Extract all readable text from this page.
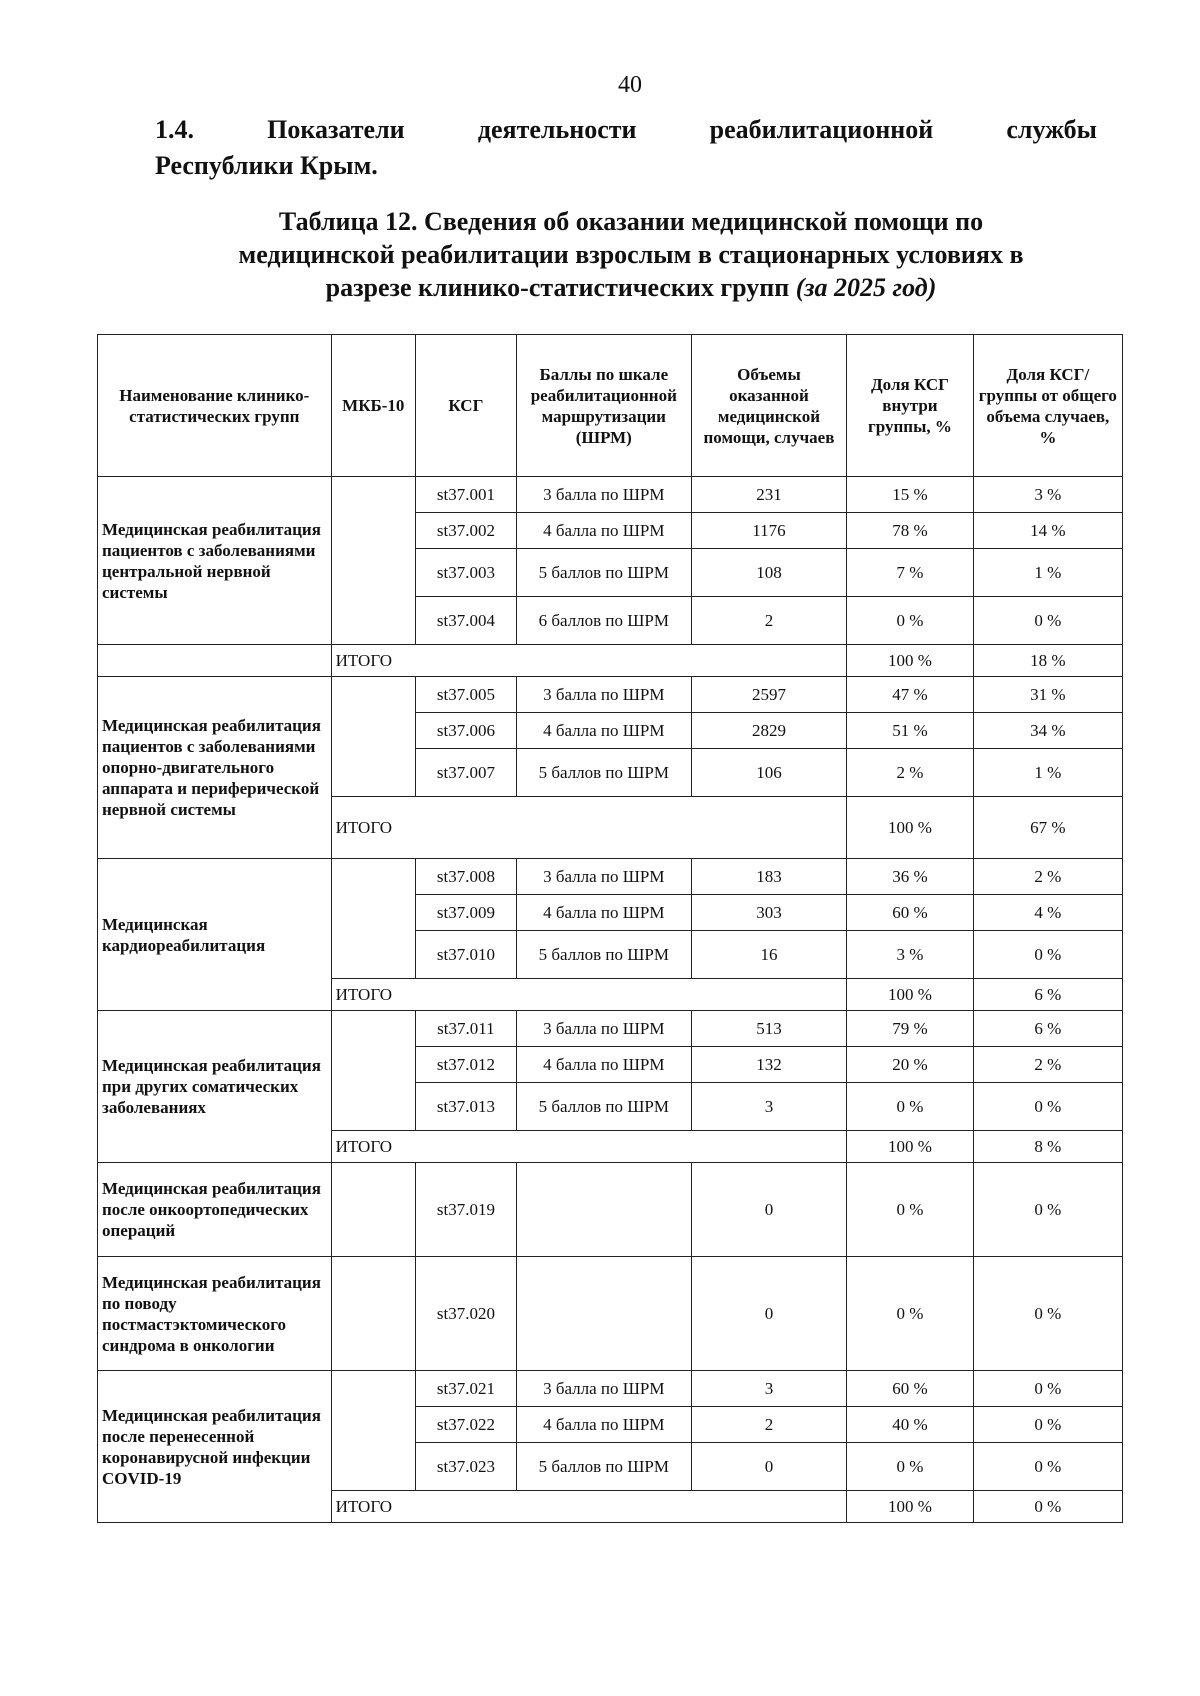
40
1.4.	Показатели	деятельности	реабилитационной	службы
Республики Крым.
Таблица 12. Сведения об оказании медицинской помощи по
медицинской реабилитации взрослым в стационарных условиях в
разрезе клинико-статистических групп (за 2025 год)
Наименование клинико-статистических групп	МКБ-10	КСГ	Баллы по шкале реабилитационной маршрутизации (ШРМ)	Объемы оказанной медицинской помощи, случаев	Доля КСГ внутри группы, %	Доля КСГ/группы от общего объема случаев, %
Медицинская реабилитация пациентов с заболеваниями центральной нервной системы		st37.001	3 балла по ШРМ	231	15 %	3 %
		st37.002	4 балла по ШРМ	1176	78 %	14 %
		st37.003	5 баллов по ШРМ	108	7 %	1 %
		st37.004	6 баллов по ШРМ	2	0 %	0 %
	ИТОГО				100 %	18 %
Медицинская реабилитация пациентов с заболеваниями опорно-двигательного аппарата и периферической нервной системы		st37.005	3 балла по ШРМ	2597	47 %	31 %
		st37.006	4 балла по ШРМ	2829	51 %	34 %
		st37.007	5 баллов по ШРМ	106	2 %	1 %
	ИТОГО				100 %	67 %
Медицинская кардиореабилитация		st37.008	3 балла по ШРМ	183	36 %	2 %
		st37.009	4 балла по ШРМ	303	60 %	4 %
		st37.010	5 баллов по ШРМ	16	3 %	0 %
	ИТОГО				100 %	6 %
Медицинская реабилитация при других соматических заболеваниях		st37.011	3 балла по ШРМ	513	79 %	6 %
		st37.012	4 балла по ШРМ	132	20 %	2 %
		st37.013	5 баллов по ШРМ	3	0 %	0 %
	ИТОГО				100 %	8 %
Медицинская реабилитация после онкоортопедических операций		st37.019		0	0 %	0 %
Медицинская реабилитация по поводу постмастэктомического синдрома в онкологии		st37.020		0	0 %	0 %
Медицинская реабилитация после перенесенной коронавирусной инфекции COVID-19		st37.021	3 балла по ШРМ	3	60 %	0 %
		st37.022	4 балла по ШРМ	2	40 %	0 %
		st37.023	5 баллов по ШРМ	0	0 %	0 %
	ИТОГО				100 %	0 %
